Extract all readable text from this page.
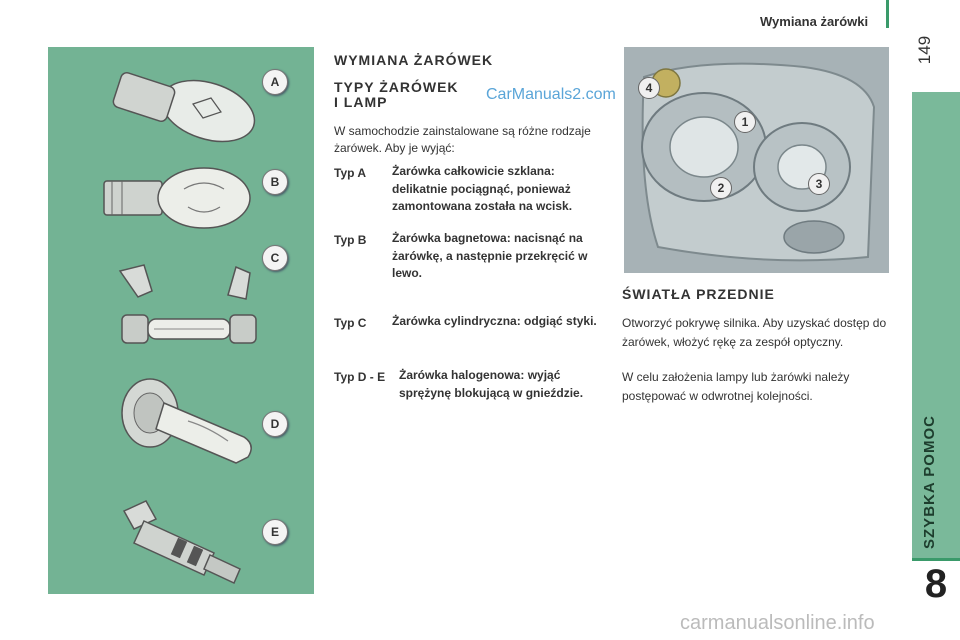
Wymiana żarówki
149
SZYBKA POMOC
8
A
B
C
D
E
WYMIANA ŻARÓWEK
TYPY ŻARÓWEK
I LAMP	CarManuals2.com
W samochodzie zainstalowane są różne rodzaje żarówek. Aby je wyjąć:
Typ A Żarówka całkowicie szklana: delikatnie pociągnąć, ponieważ zamontowana została na wcisk.
Typ B Żarówka bagnetowa: nacisnąć na żarówkę, a następnie przekręcić w lewo.
Typ C Żarówka cylindryczna: odgiąć styki.
Typ D - E Żarówka halogenowa: wyjąć sprężynę blokującą w gnieździe.
4
1
2	3
ŚWIATŁA PRZEDNIE
Otworzyć pokrywę silnika. Aby uzyskać dostęp do żarówek, włożyć rękę za zespół optyczny.
W celu założenia lampy lub żarówki należy postępować w odwrotnej kolejności.
carmanualsonline.info
